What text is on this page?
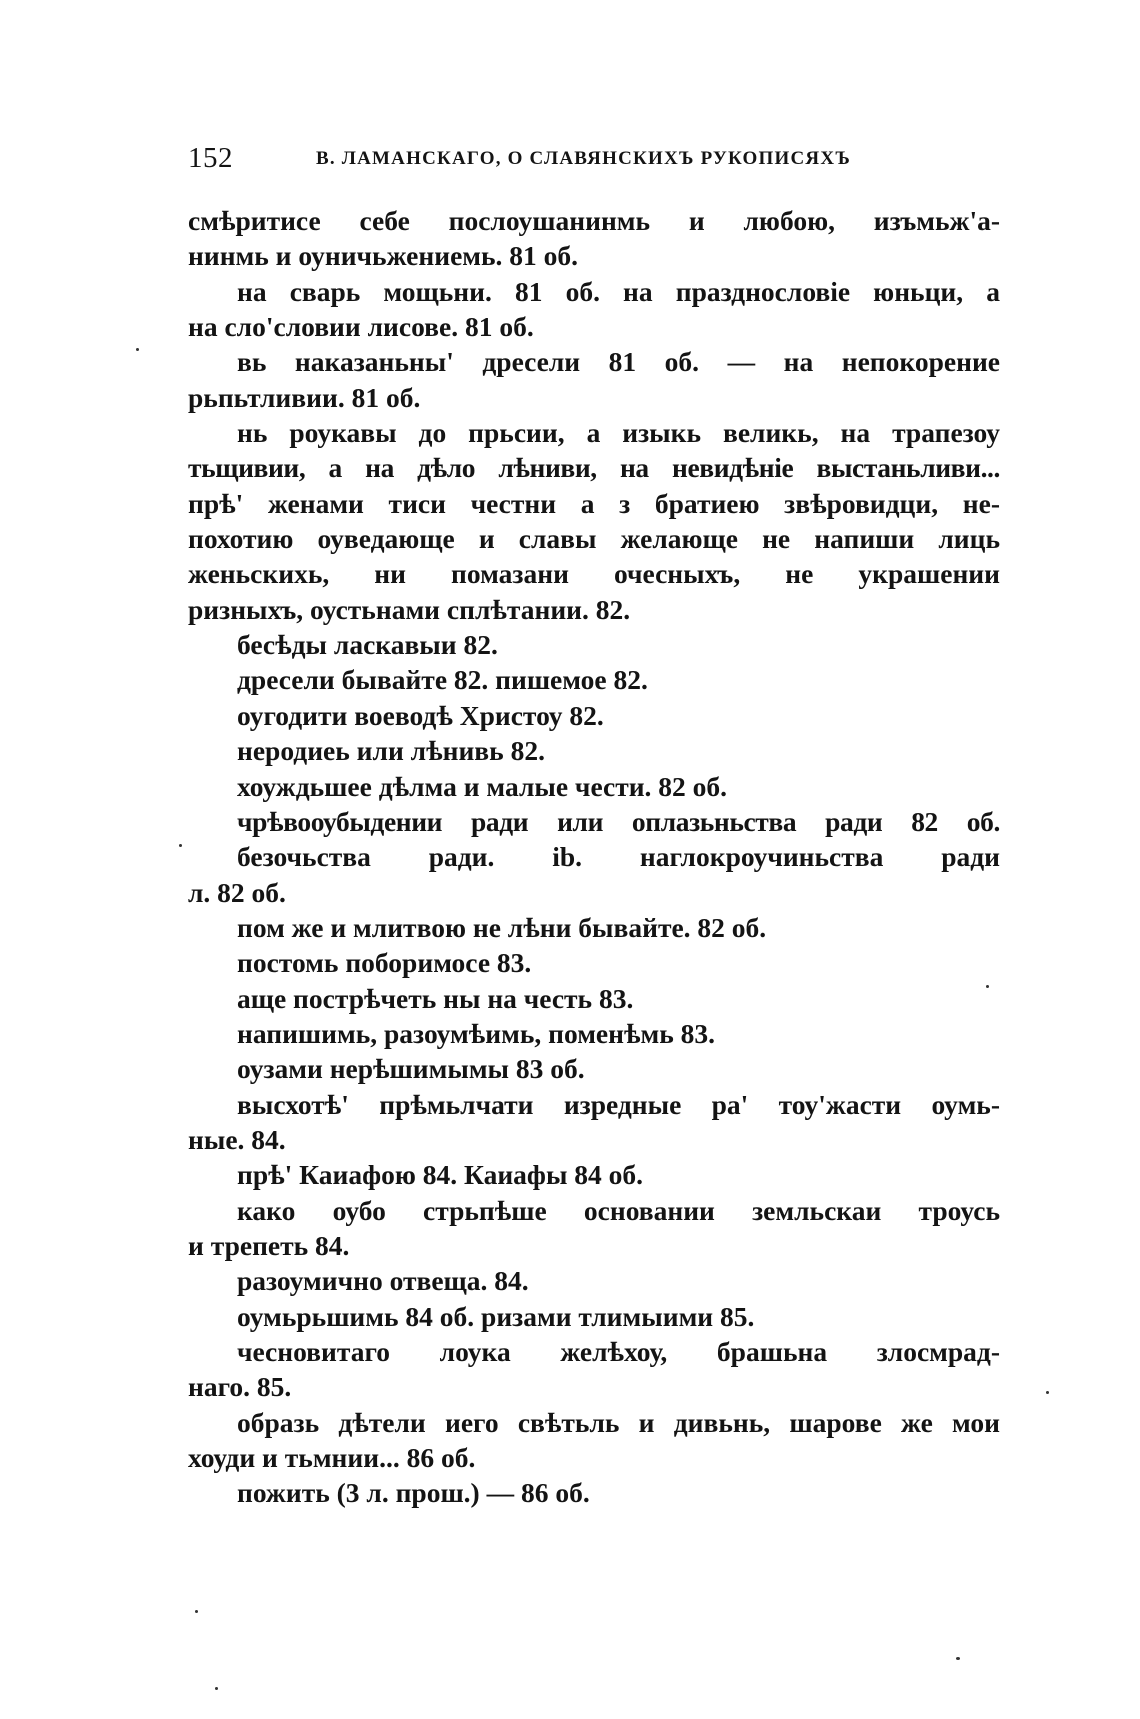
152	В. ЛАМАНСКАГО, О СЛАВЯНСКИХЪ РУКОПИСЯХЪ
смѣритисе себе послоушанинмь и любою, изъмьж'а-
нинмь и оуничьжениемь. 81 об.
на сварь мощьни. 81 об. на празднословіе юньци, а
на сло'словии лисове. 81 об.
вь наказаньны' дресели 81 об. — на непокорение
рьпьтливии. 81 об.
нь роукавы до прьсии, а изыкь великь, на трапезоу
тьщивии, а на дѣло лѣниви, на невидѣніе выстаньливи...
прѣ' женами тиси честни а з братиею звѣровидци, не-
похотию оуведающе и славы желающе не напиши лиць
женьскихь, ни помазани очесныхъ, не украшении
ризныхъ, оустьнами сплѣтании. 82.
бесѣды ласкавыи 82.
дресели бывайте 82. пишемое 82.
оугодити воеводѣ Христоу 82.
неродиеь или лѣнивь 82.
хоуждьшее дѣлма и малые чести. 82 об.
чрѣвооубыдении ради или оплазьньства ради 82 об.
безочьства ради. ib. наглокроучиньства ради
л. 82 об.
пом же и млитвою не лѣни бывайте. 82 об.
постомь поборимосе 83.
аще пострѣчеть ны на честь 83.
напишимь, разоумѣимь, поменѣмь 83.
оузами нерѣшимымы 83 об.
высхотѣ' прѣмьлчати изредные ра' тоу'жасти оумь-
ные. 84.
прѣ' Каиафою 84. Каиафы 84 об.
како оубо стрьпѣше основании земльскаи троусь
и трепеть 84.
разоумично отвеща. 84.
оумьрьшимь 84 об. ризами тлимыими 85.
чесновитаго лоука желѣхоу, брашьна злосмрад-
наго. 85.
образь дѣтели иего свѣтьль и дивьнь, шарове же мои
хоуди и тьмнии... 86 об.
пожить (3 л. прош.) — 86 об.
